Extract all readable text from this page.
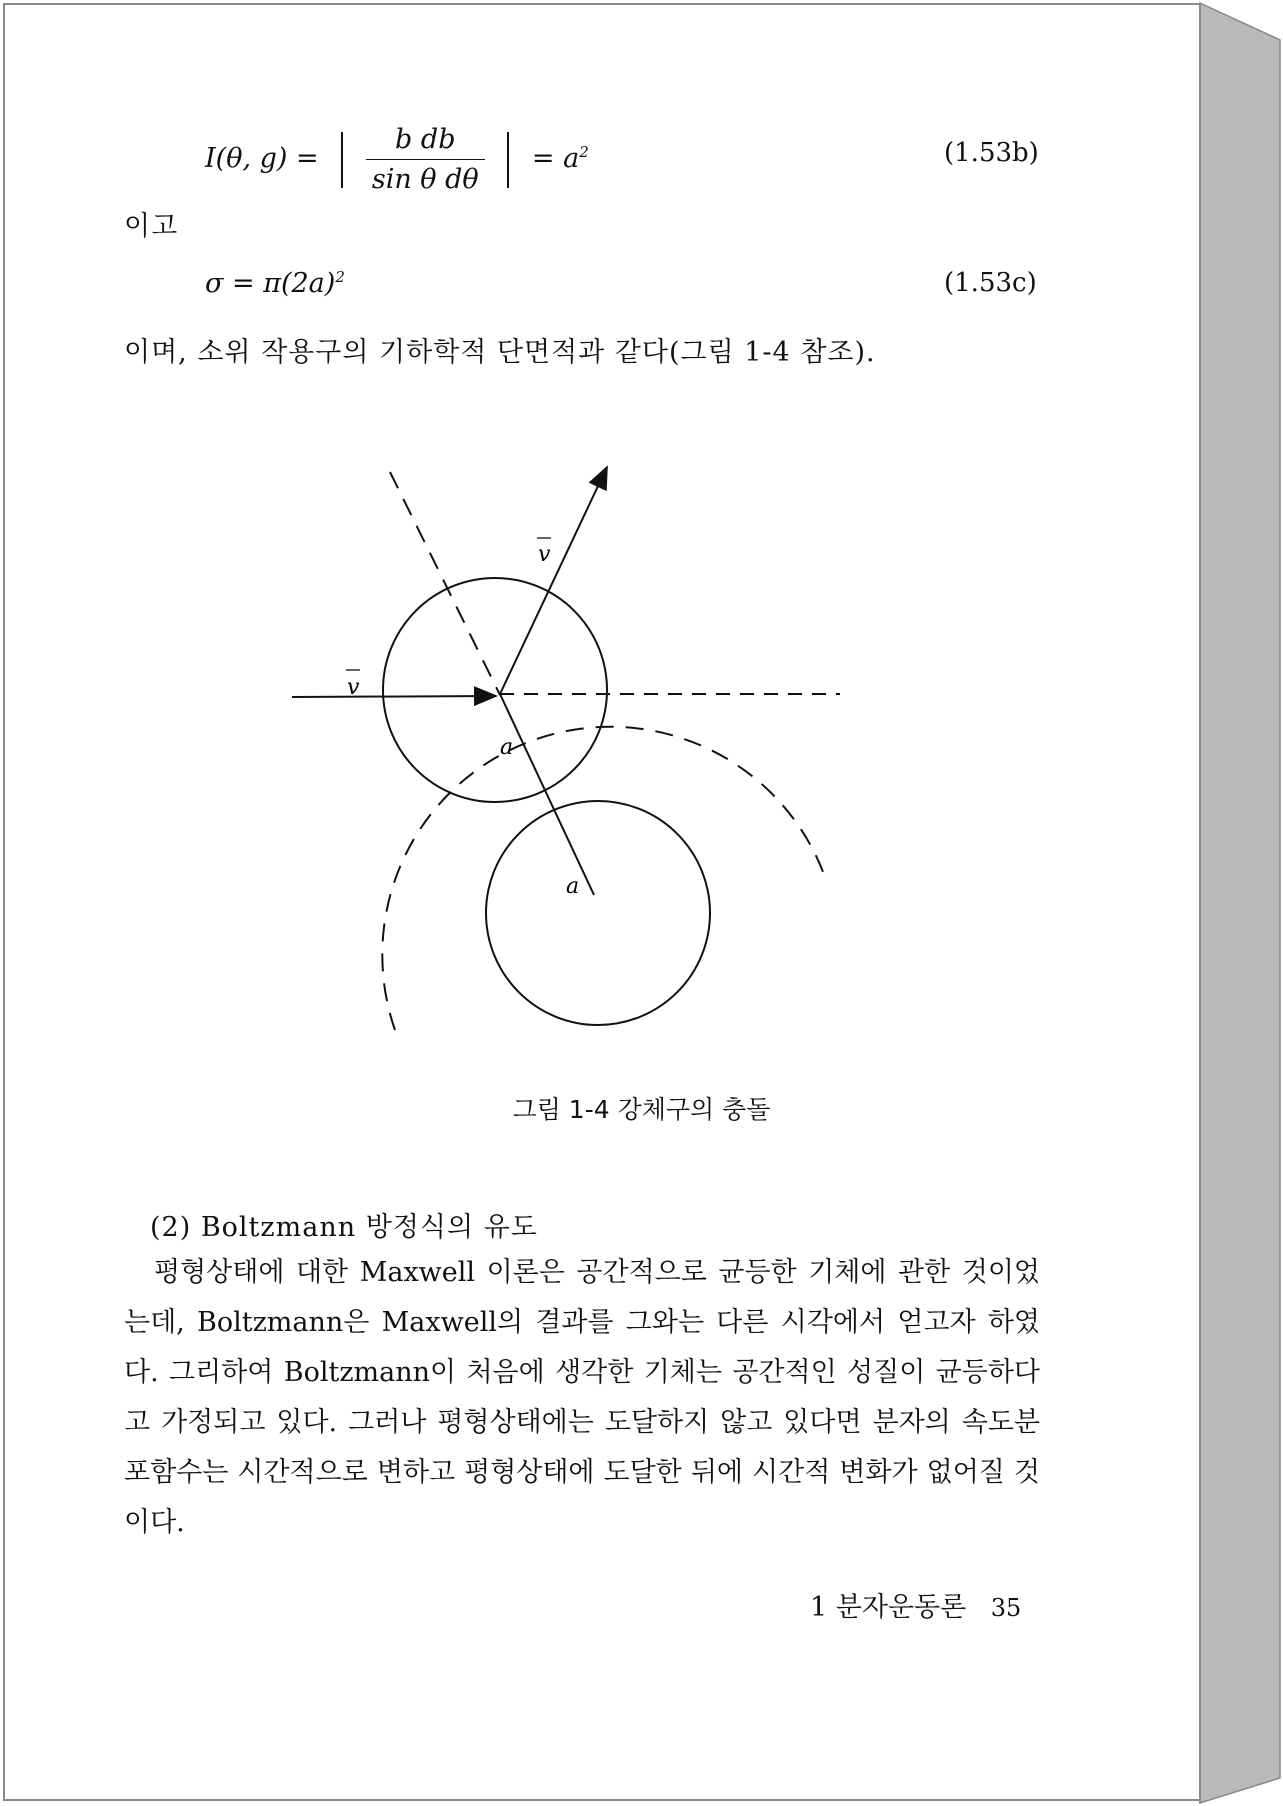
I(θ, $g) = \frac{\text{b db}}{\text{sin θ dθ}} = a^2$	(1.53b)
이고
$\sigma = \pi(2a)^2$	(1.53c)
이며, 소위 작용구의 기하학적 단면적과 같다(그림 1-4 참조).
v
v
a
a
그림 1-4 강체구의 충돌
(2) Boltzmann 방정식의 유도
평형상태에 대한 Maxwell 이론은 공간적으로 균등한 기체에 관한 것이었는데, Boltzmann은 Maxwell의 결과를 그와는 다른 시각에서 얻고자 하였다. 그리하여 Boltzmann이 처음에 생각한 기체는 공간적인 성질이 균등하다고 가정되고 있다. 그러나 평형상태에는 도달하지 않고 있다면 분자의 속도분포함수는 시간적으로 변하고 평형상태에 도달한 뒤에 시간적 변화가 없어질 것이다.
1 분자운동론 35
